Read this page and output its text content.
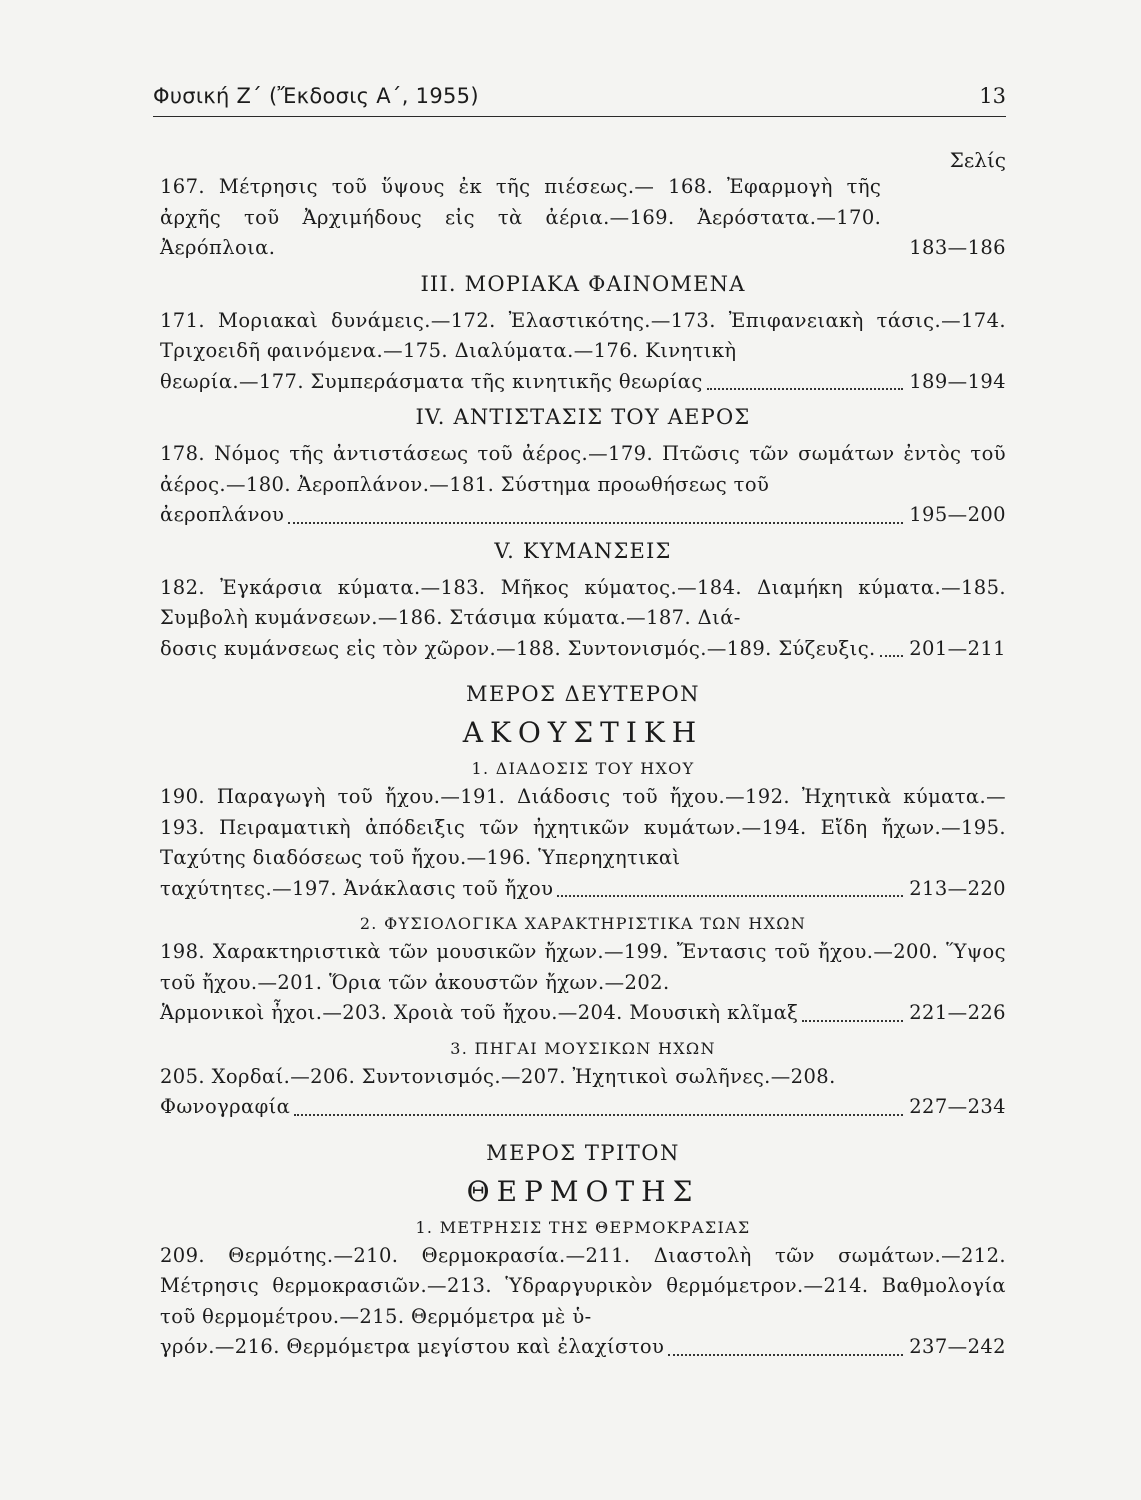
Φυσική Ζ΄ (Ἔκδοσις Α΄, 1955)	13
Σελίς
167. Μέτρησις τοῦ ὕψους ἐκ τῆς πιέσεως.— 168. Ἐφαρμογὴ τῆς ἀρχῆς τοῦ Ἀρχιμήδους εἰς τὰ ἀέρια.—169. Ἀερόστατα.—170. Ἀερόπλοια.	183—186
III. ΜΟΡΙΑΚΑ ΦΑΙΝΟΜΕΝΑ
171. Μοριακαὶ δυνάμεις.—172. Ἐλαστικότης.—173. Ἐπιφανειακὴ τάσις.—174. Τριχοειδῆ φαινόμενα.—175. Διαλύματα.—176. Κινητικὴ
θεωρία.—177. Συμπεράσματα τῆς κινητικῆς θεωρίας	189—194
IV. ΑΝΤΙΣΤΑΣΙΣ ΤΟΥ ΑΕΡΟΣ
178. Νόμος τῆς ἀντιστάσεως τοῦ ἀέρος.—179. Πτῶσις τῶν σωμάτων ἐντὸς τοῦ ἀέρος.—180. Ἀεροπλάνον.—181. Σύστημα προωθήσεως τοῦ
ἀεροπλάνου	195—200
V. ΚΥΜΑΝΣΕΙΣ
182. Ἐγκάρσια κύματα.—183. Μῆκος κύματος.—184. Διαμήκη κύματα.—185. Συμβολὴ κυμάνσεων.—186. Στάσιμα κύματα.—187. Διά-
δοσις κυμάνσεως εἰς τὸν χῶρον.—188. Συντονισμός.—189. Σύζευξις. 201—211
ΜΕΡΟΣ ΔΕΥΤΕΡΟΝ
ΑΚΟΥΣΤΙΚΗ
1. ΔΙΑΔΟΣΙΣ ΤΟΥ ΗΧΟΥ
190. Παραγωγὴ τοῦ ἤχου.—191. Διάδοσις τοῦ ἤχου.—192. Ἠχητικὰ κύματα.—193. Πειραματικὴ ἀπόδειξις τῶν ἠχητικῶν κυμάτων.—194. Εἴδη ἤχων.—195. Ταχύτης διαδόσεως τοῦ ἤχου.—196. Ὑπερηχητικαὶ
ταχύτητες.—197. Ἀνάκλασις τοῦ ἤχου	213—220
2. ΦΥΣΙΟΛΟΓΙΚΑ ΧΑΡΑΚΤΗΡΙΣΤΙΚΑ ΤΩΝ ΗΧΩΝ
198. Χαρακτηριστικὰ τῶν μουσικῶν ἤχων.—199. Ἔντασις τοῦ ἤχου.—200. Ὕψος τοῦ ἤχου.—201. Ὅρια τῶν ἀκουστῶν ἤχων.—202.
Ἁρμονικοὶ ἦχοι.—203. Χροιὰ τοῦ ἤχου.—204. Μουσικὴ κλῖμαξ	221—226
3. ΠΗΓΑΙ ΜΟΥΣΙΚΩΝ ΗΧΩΝ
205. Χορδαί.—206. Συντονισμός.—207. Ἠχητικοὶ σωλῆνες.—208.
Φωνογραφία	227—234
ΜΕΡΟΣ ΤΡΙΤΟΝ
ΘΕΡΜΟΤΗΣ
1. ΜΕΤΡΗΣΙΣ ΤΗΣ ΘΕΡΜΟΚΡΑΣΙΑΣ
209. Θερμότης.—210. Θερμοκρασία.—211. Διαστολὴ τῶν σωμάτων.—212. Μέτρησις θερμοκρασιῶν.—213. Ὑδραργυρικὸν θερμόμετρον.—214. Βαθμολογία τοῦ θερμομέτρου.—215. Θερμόμετρα μὲ ὑ-
γρόν.—216. Θερμόμετρα μεγίστου καὶ ἐλαχίστου	237—242
